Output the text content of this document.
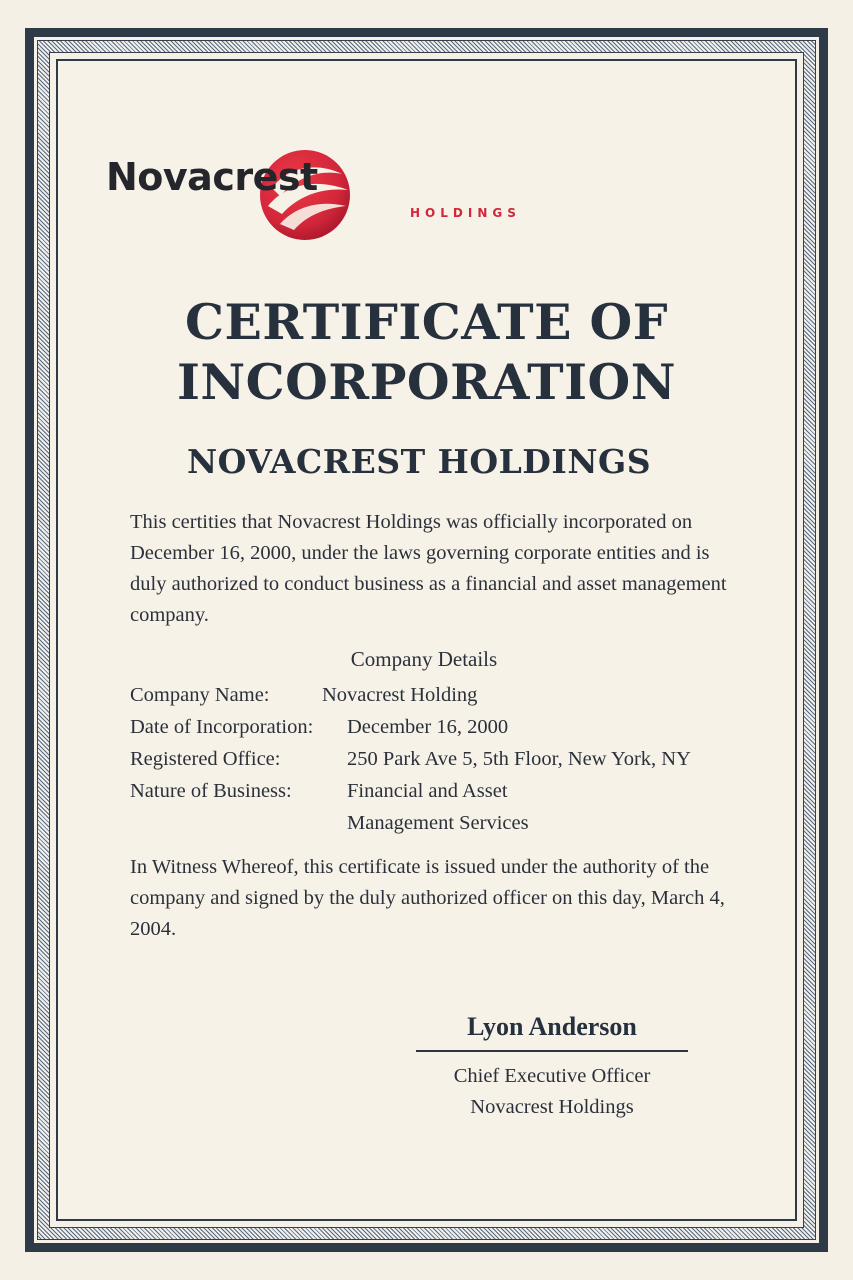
Novacrest
HOLDINGS
CERTIFICATE OF
INCORPORATION
NOVACREST HOLDINGS
This certities that Novacrest Holdings was officially incorporated on December 16, 2000, under the laws governing corporate entities and is duly authorized to conduct business as a financial and asset management company.
Company Details
Company Name:	Novacrest Holding
Date of Incorporation: December 16, 2000
Registered Office:	250 Park Ave 5, 5th Floor, New York, NY
Nature of Business:	Financial and Asset
Management Services
In Witness Whereof, this certificate is issued under the authority of the company and signed by the duly authorized officer on this day, March 4, 2004.
Lyon Anderson
Chief Executive Officer
Novacrest Holdings
